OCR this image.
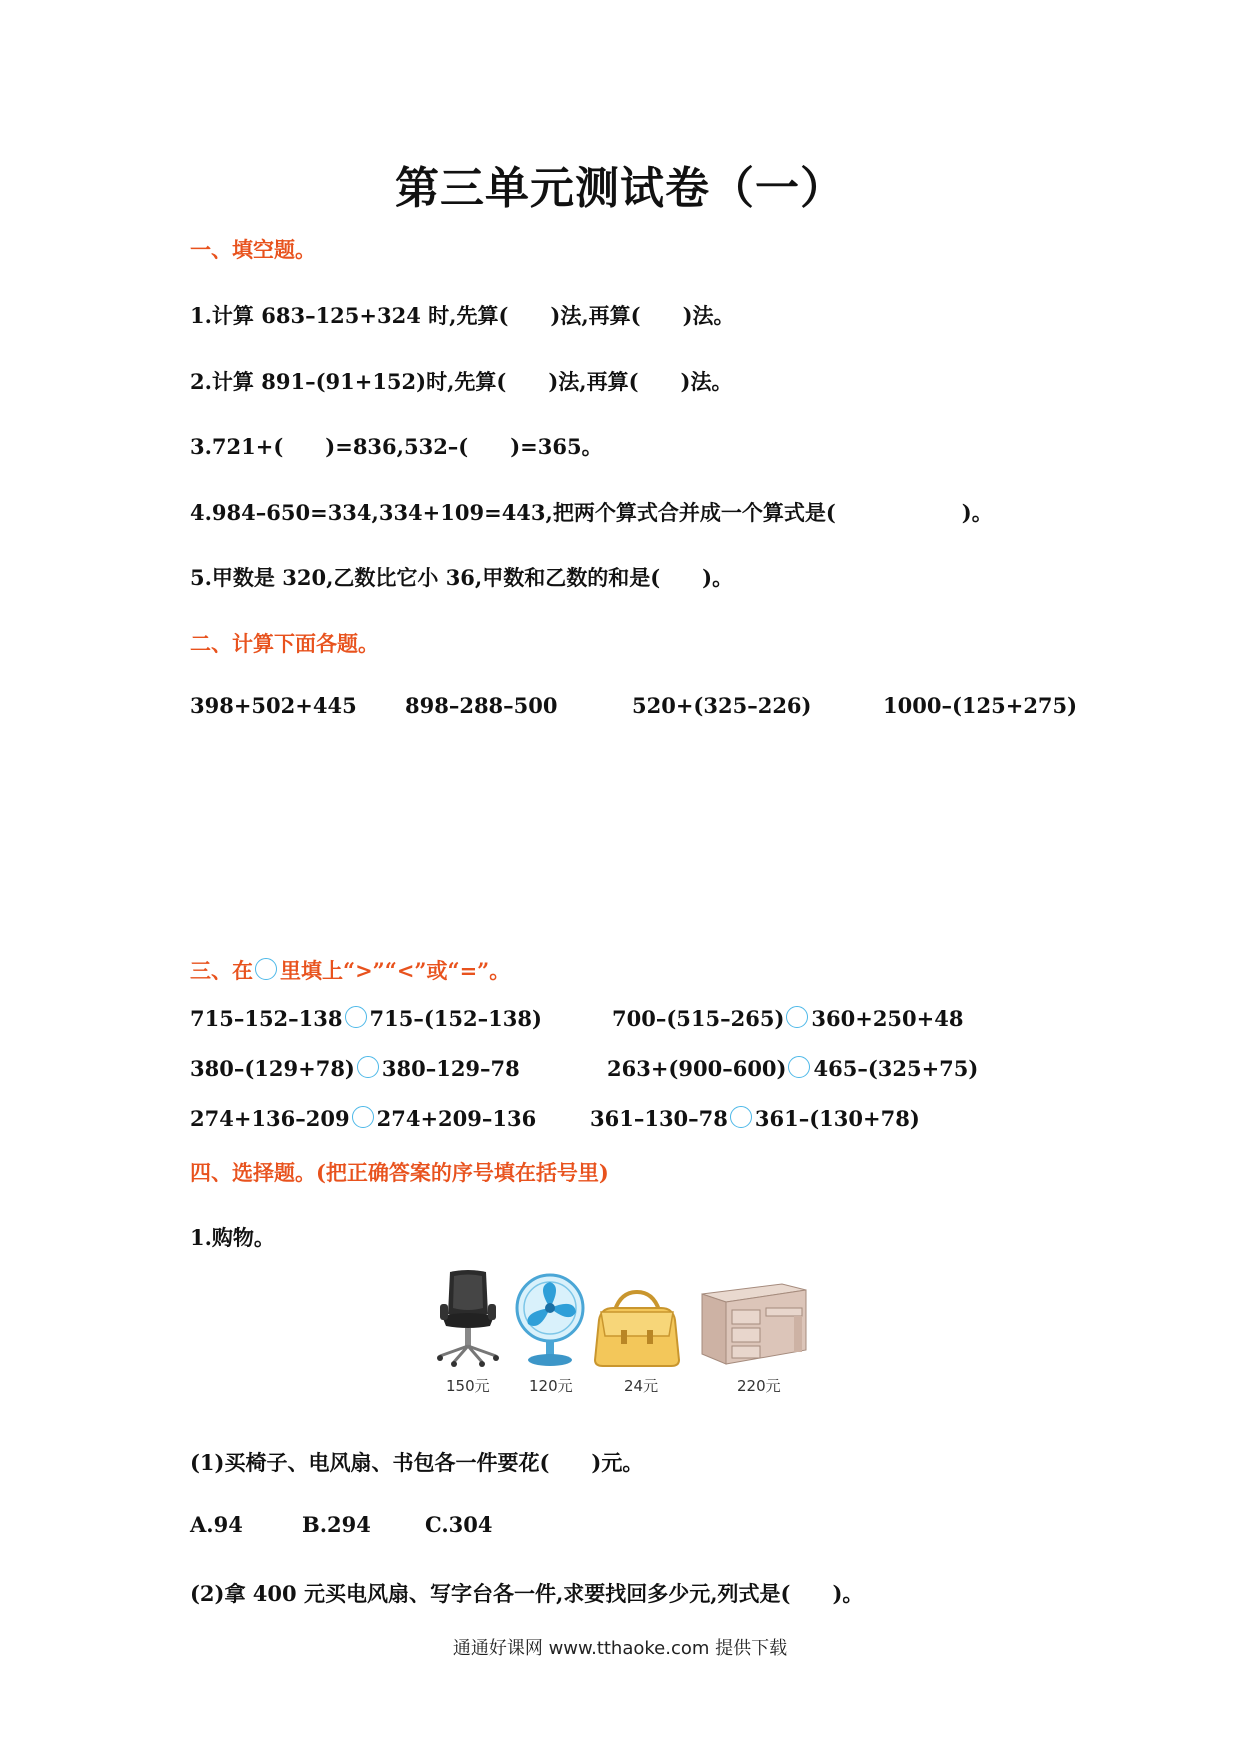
第三单元测试卷（一）
一、填空题。
1.计算 683–125+324 时,先算(　　)法,再算(　　)法。
2.计算 891–(91+152)时,先算(　　)法,再算(　　)法。
3.721+(　　)=836,532–(　　)=365。
4.984–650=334,334+109=443,把两个算式合并成一个算式是(　　　　　　)。
5.甲数是 320,乙数比它小 36,甲数和乙数的和是(　　)。
二、计算下面各题。
398+502+445 898–288–500	520+(325–226)	1000–(125+275)
三、在 里填上“>”“<”或“=”。
715–152–138 715–(152–138)	700–(515–265) 360+250+48
380–(129+78) 380–129–78	263+(900–600) 465–(325+75)
274+136–209 274+209–136	361–130–78 361–(130+78)
四、选择题。(把正确答案的序号填在括号里)
1.购物。
150元	120元	24元	220元
(1)买椅子、电风扇、书包各一件要花(　　)元。
A.94	B.294	C.304
(2)拿 400 元买电风扇、写字台各一件,求要找回多少元,列式是(　　)。
通通好课网 www.tthaoke.com 提供下载
